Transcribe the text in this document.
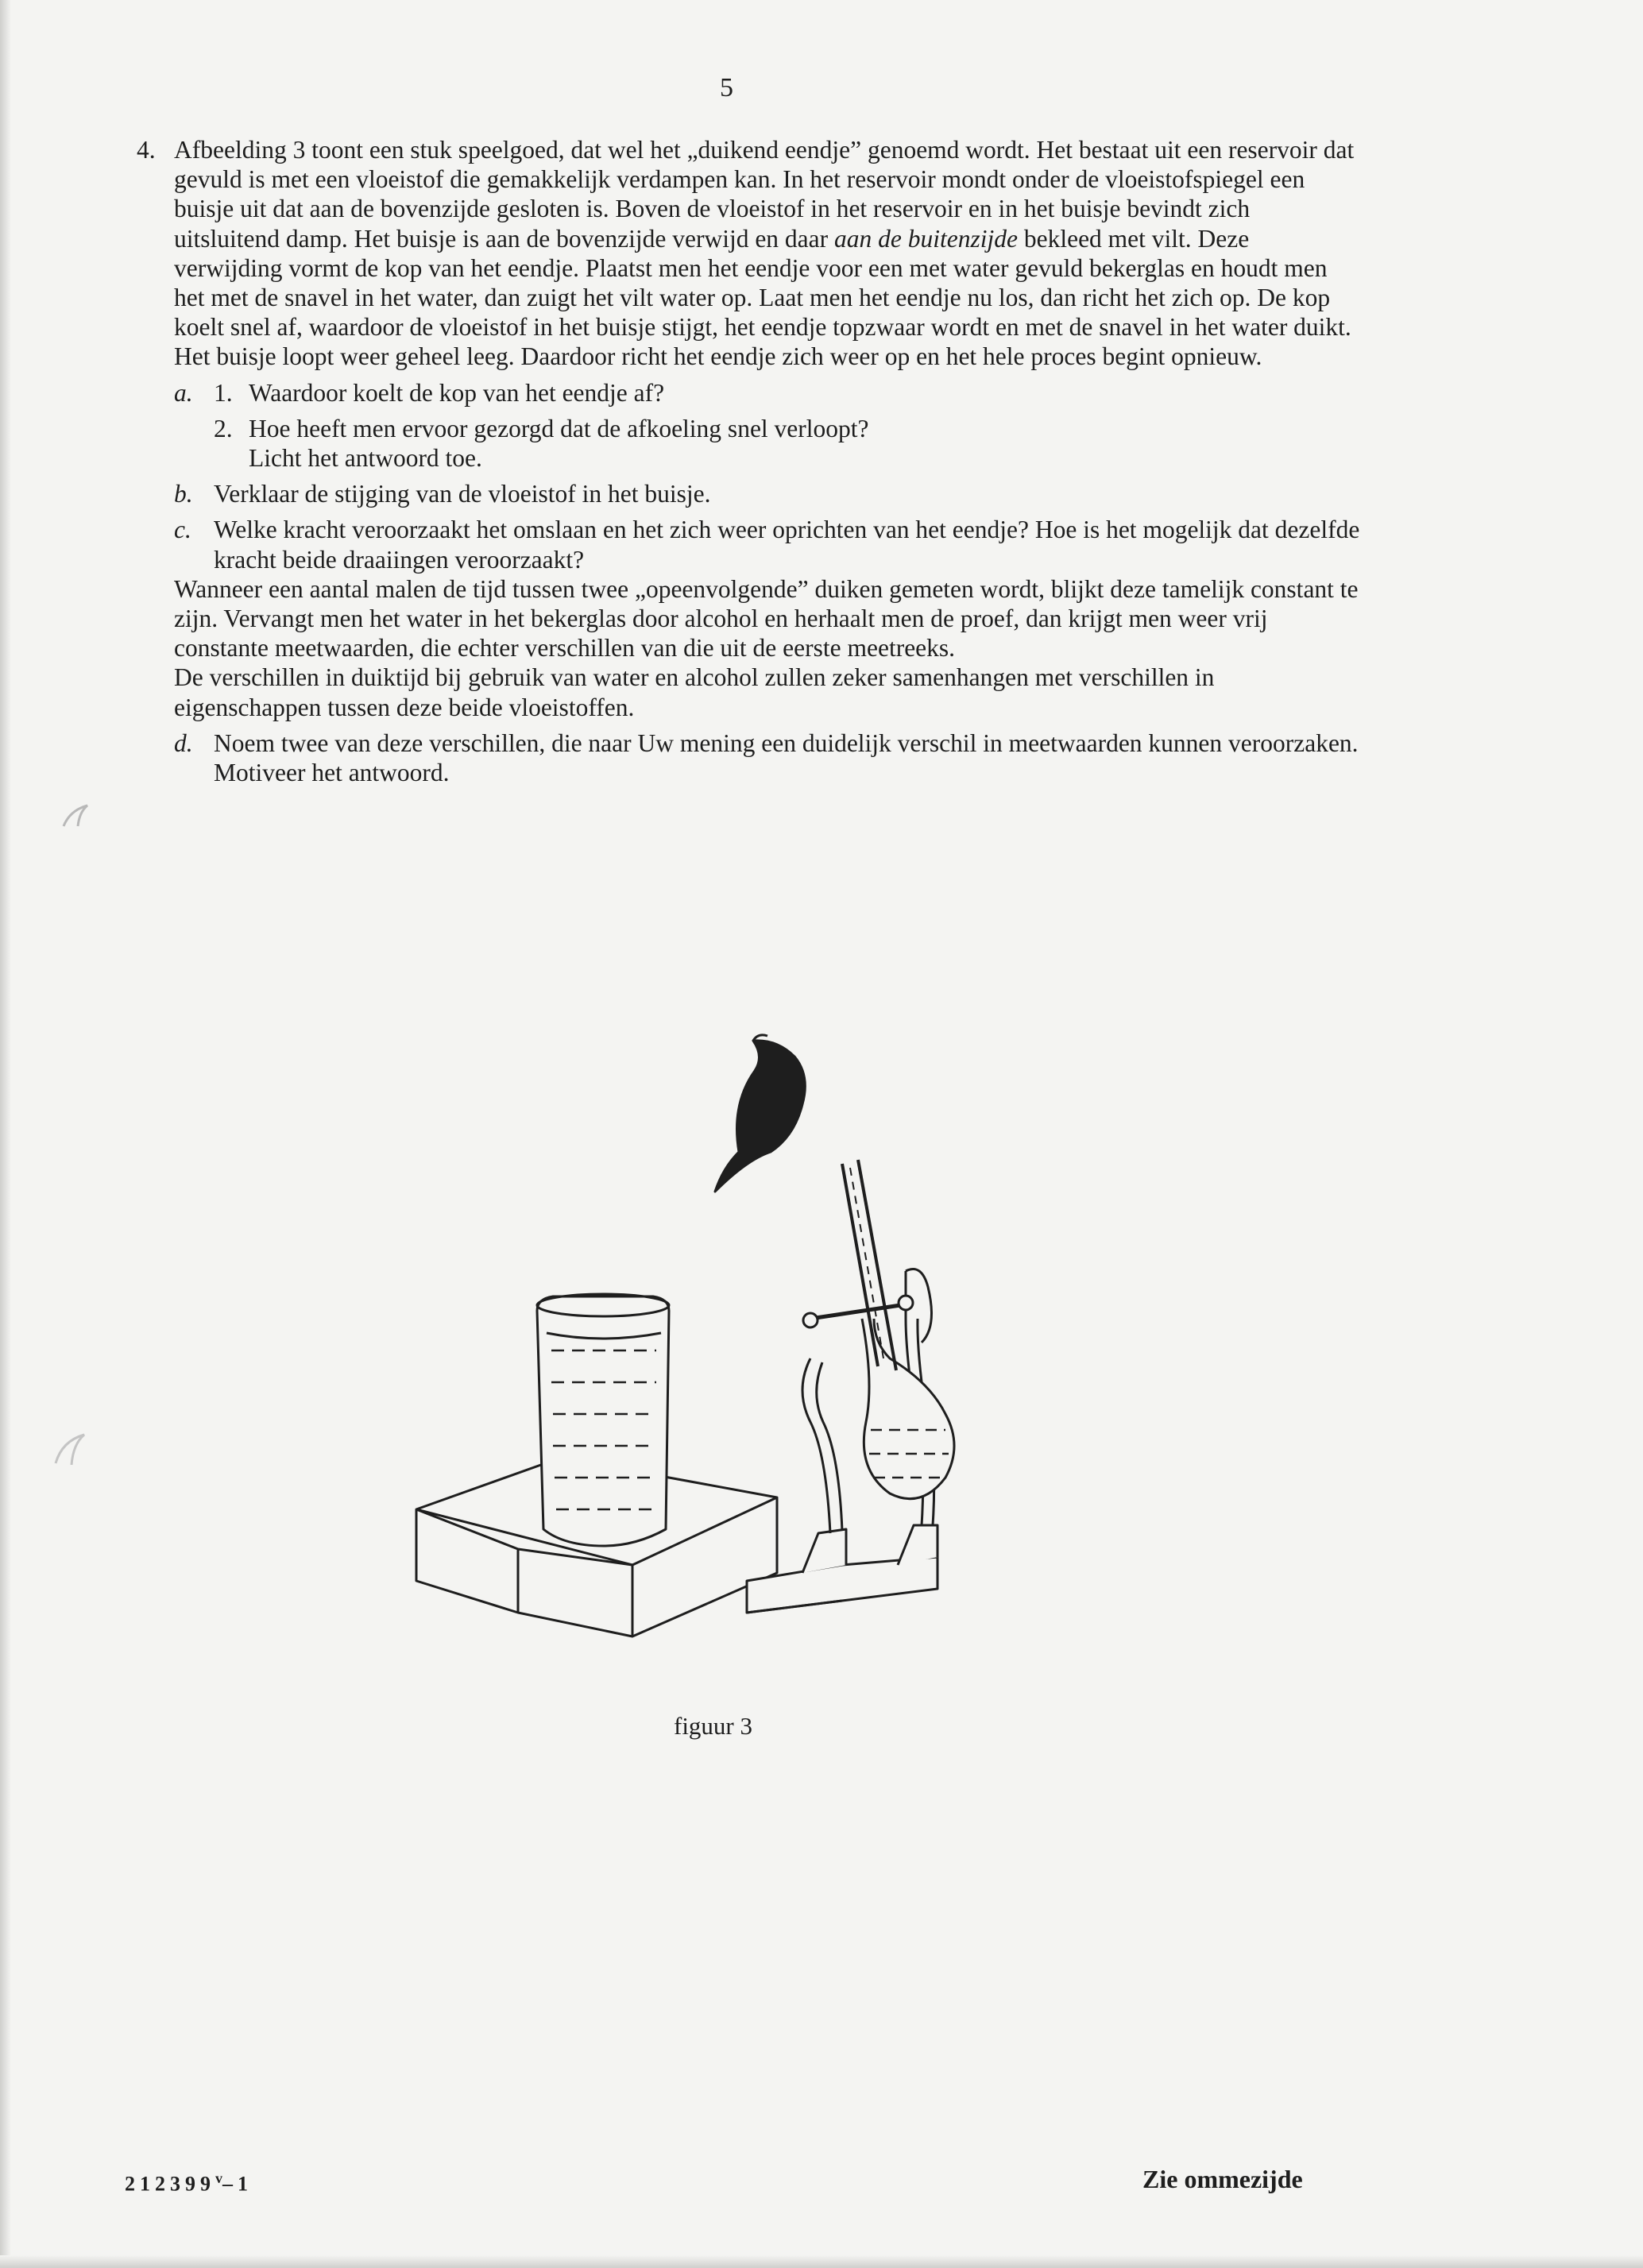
5
4. Afbeelding 3 toont een stuk speelgoed, dat wel het „duikend eendje” genoemd wordt. Het bestaat uit een reservoir dat gevuld is met een vloeistof die gemakkelijk verdampen kan. In het reservoir mondt onder de vloeistofspiegel een buisje uit dat aan de bovenzijde gesloten is. Boven de vloeistof in het reservoir en in het buisje bevindt zich uitsluitend damp. Het buisje is aan de bovenzijde verwijd en daar aan de buitenzijde bekleed met vilt. Deze verwijding vormt de kop van het eendje. Plaatst men het eendje voor een met water gevuld bekerglas en houdt men het met de snavel in het water, dan zuigt het vilt water op. Laat men het eendje nu los, dan richt het zich op. De kop koelt snel af, waardoor de vloeistof in het buisje stijgt, het eendje topzwaar wordt en met de snavel in het water duikt. Het buisje loopt weer geheel leeg. Daardoor richt het eendje zich weer op en het hele proces begint opnieuw.

a. 1. Waardoor koelt de kop van het eendje af?
2. Hoe heeft men ervoor gezorgd dat de afkoeling snel verloopt?
Licht het antwoord toe.
b. Verklaar de stijging van de vloeistof in het buisje.
c. Welke kracht veroorzaakt het omslaan en het zich weer oprichten van het eendje? Hoe is het mogelijk dat dezelfde kracht beide draaiingen veroorzaakt?

Wanneer een aantal malen de tijd tussen twee „opeenvolgende” duiken gemeten wordt, blijkt deze tamelijk constant te zijn. Vervangt men het water in het bekerglas door alcohol en herhaalt men de proef, dan krijgt men weer vrij constante meetwaarden, die echter verschillen van die uit de eerste meetreeks.

De verschillen in duiktijd bij gebruik van water en alcohol zullen zeker samenhangen met verschillen in eigenschappen tussen deze beide vloeistoffen.

d. Noem twee van deze verschillen, die naar Uw mening een duidelijk verschil in meetwaarden kunnen veroorzaken. Motiveer het antwoord.
figuur 3
212399$^v$–1	Zie ommezijde
